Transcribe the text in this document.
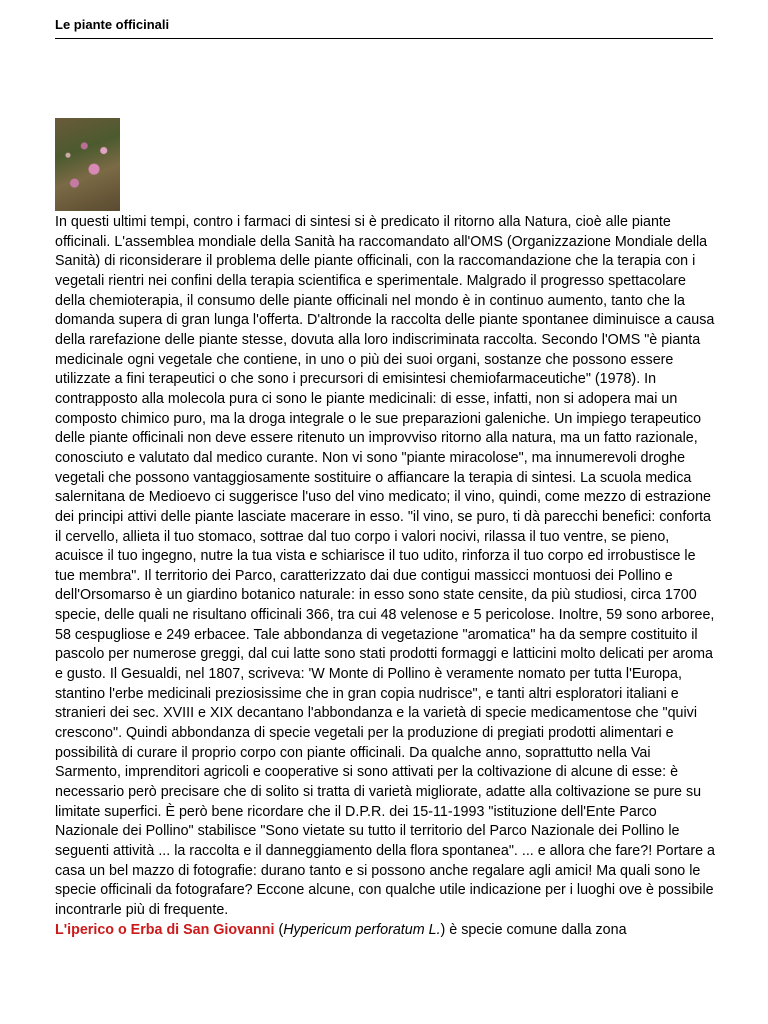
Le piante officinali
In questi ultimi tempi, contro i farmaci di sintesi si è predicato il ritorno alla Natura, cioè alle piante officinali. L'assemblea mondiale della Sanità ha raccomandato all'OMS (Organizzazione Mondiale della Sanità) di riconsiderare il problema delle piante officinali, con la raccomandazione che la terapia con i vegetali rientri nei confini della terapia scientifica e sperimentale. Malgrado il progresso spettacolare della chemioterapia, il consumo delle piante officinali nel mondo è in continuo aumento, tanto che la domanda supera di gran lunga l'offerta. D'altronde la raccolta delle piante spontanee diminuisce a causa della rarefazione delle piante stesse, dovuta alla loro indiscriminata raccolta. Secondo l'OMS "è pianta medicinale ogni vegetale che contiene, in uno o più dei suoi organi, sostanze che possono essere utilizzate a fini terapeutici o che sono i precursori di emisintesi chemiofarmaceutiche" (1978). In contrapposto alla molecola pura ci sono le piante medicinali: di esse, infatti, non si adopera mai un composto chimico puro, ma la droga integrale o le sue preparazioni galeniche. Un impiego terapeutico delle piante officinali non deve essere ritenuto un improvviso ritorno alla natura, ma un fatto razionale, conosciuto e valutato dal medico curante. Non vi sono "piante miracolose", ma innumerevoli droghe vegetali che possono vantaggiosamente sostituire o affiancare la terapia di sintesi. La scuola medica salernitana de Medioevo ci suggerisce l'uso del vino medicato; il vino, quindi, come mezzo di estrazione dei principi attivi delle piante lasciate macerare in esso. "il vino, se puro, ti dà parecchi benefici: conforta il cervello, allieta il tuo stomaco, sottrae dal tuo corpo i valori nocivi, rilassa il tuo ventre, se pieno, acuisce il tuo ingegno, nutre la tua vista e schiarisce il tuo udito, rinforza il tuo corpo ed irrobustisce le tue membra". Il territorio dei Parco, caratterizzato dai due contigui massicci montuosi dei Pollino e dell'Orsomarso è un giardino botanico naturale: in esso sono state censite, da più studiosi, circa 1700 specie, delle quali ne risultano officinali 366, tra cui 48 velenose e 5 pericolose. Inoltre, 59 sono arboree, 58 cespugliose e 249 erbacee. Tale abbondanza di vegetazione "aromatica" ha da sempre costituito il pascolo per numerose greggi, dal cui latte sono stati prodotti formaggi e latticini molto delicati per aroma e gusto. Il Gesualdi, nel 1807, scriveva: 'W Monte di Pollino è veramente nomato per tutta l'Europa, stantino l'erbe medicinali preziosissime che in gran copia nudrisce", e tanti altri esploratori italiani e stranieri dei sec. XVIII e XIX decantano l'abbondanza e la varietà di specie medicamentose che "quivi crescono". Quindi abbondanza di specie vegetali per la produzione di pregiati prodotti alimentari e possibilità di curare il proprio corpo con piante officinali. Da qualche anno, soprattutto nella Vai Sarmento, imprenditori agricoli e cooperative si sono attivati per la coltivazione di alcune di esse: è necessario però precisare che di solito si tratta di varietà migliorate, adatte alla coltivazione se pure su limitate superfici. È però bene ricordare che il D.P.R. dei 15-11-1993 "istituzione dell'Ente Parco Nazionale dei Pollino" stabilisce "Sono vietate su tutto il territorio del Parco Nazionale dei Pollino le seguenti attività ... la raccolta e il danneggiamento della flora spontanea". ... e allora che fare?! Portare a casa un bel mazzo di fotografie: durano tanto e si possono anche regalare agli amici! Ma quali sono le specie officinali da fotografare? Eccone alcune, con qualche utile indicazione per i luoghi ove è possibile incontrarle più di frequente.
L'iperico o Erba di San Giovanni (Hypericum perforatum L.) è specie comune dalla zona
